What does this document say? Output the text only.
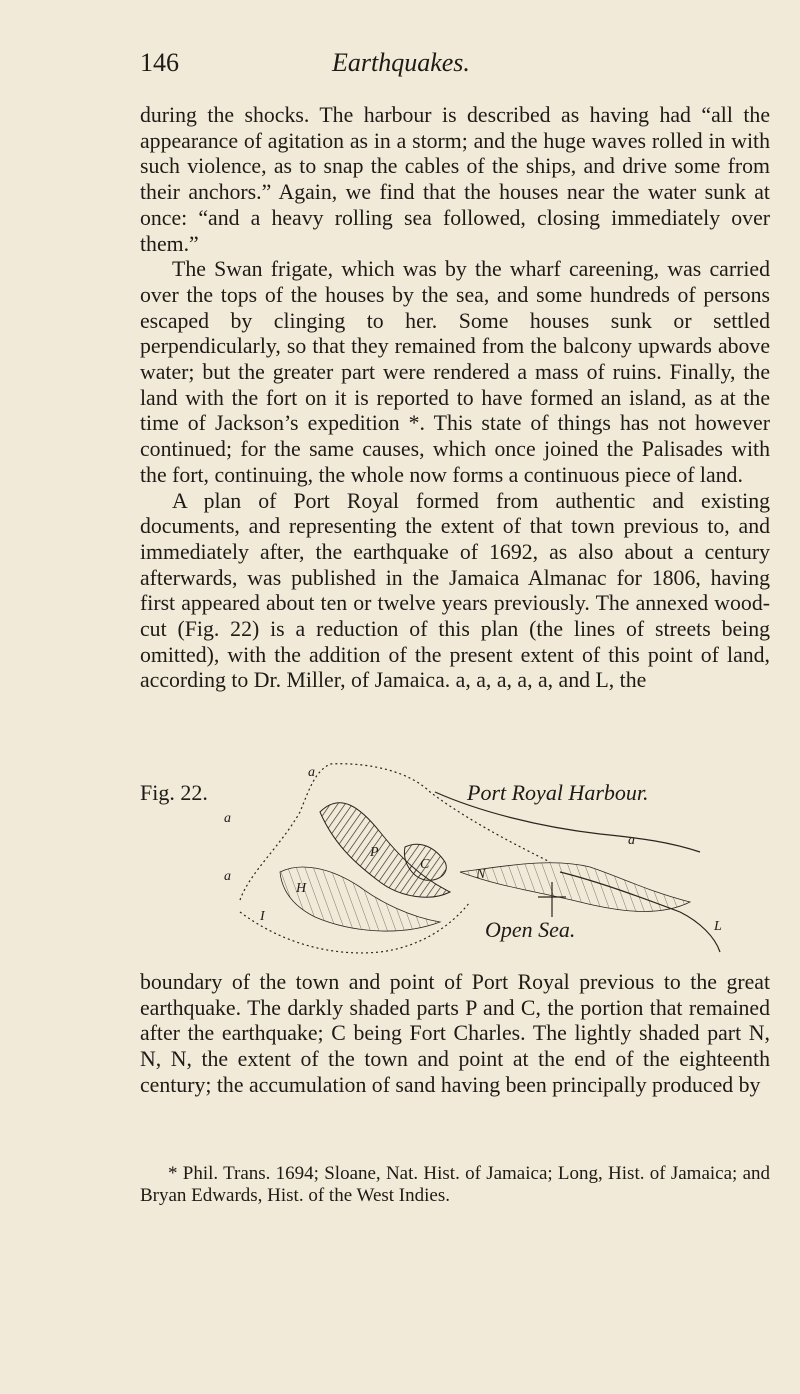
146	Earthquakes.

during the shocks. The harbour is described as having had “all the appearance of agitation as in a storm; and the huge waves rolled in with such violence, as to snap the cables of the ships, and drive some from their anchors.” Again, we find that the houses near the water sunk at once: “and a heavy rolling sea followed, closing immediately over them.”

The Swan frigate, which was by the wharf careening, was carried over the tops of the houses by the sea, and some hundreds of persons escaped by clinging to her. Some houses sunk or settled perpendicularly, so that they remained from the balcony upwards above water; but the greater part were rendered a mass of ruins. Finally, the land with the fort on it is reported to have formed an island, as at the time of Jackson’s expedition *. This state of things has not however continued; for the same causes, which once joined the Palisades with the fort, continuing, the whole now forms a continuous piece of land.

A plan of Port Royal formed from authentic and existing documents, and representing the extent of that town previous to, and immediately after, the earthquake of 1692, as also about a century afterwards, was published in the Jamaica Almanac for 1806, having first appeared about ten or twelve years previously. The annexed wood-cut (Fig. 22) is a reduction of this plan (the lines of streets being omitted), with the addition of the present extent of this point of land, according to Dr. Miller, of Jamaica. a, a, a, a, a, and L, the

Fig. 22.	Port Royal Harbour.
Open Sea.
a
a
a
a
H
P
C
N
I
L

boundary of the town and point of Port Royal previous to the great earthquake. The darkly shaded parts P and C, the portion that remained after the earthquake; C being Fort Charles. The lightly shaded part N, N, N, the extent of the town and point at the end of the eighteenth century; the accumulation of sand having been principally produced by

* Phil. Trans. 1694; Sloane, Nat. Hist. of Jamaica; Long, Hist. of Jamaica; and Bryan Edwards, Hist. of the West Indies.
